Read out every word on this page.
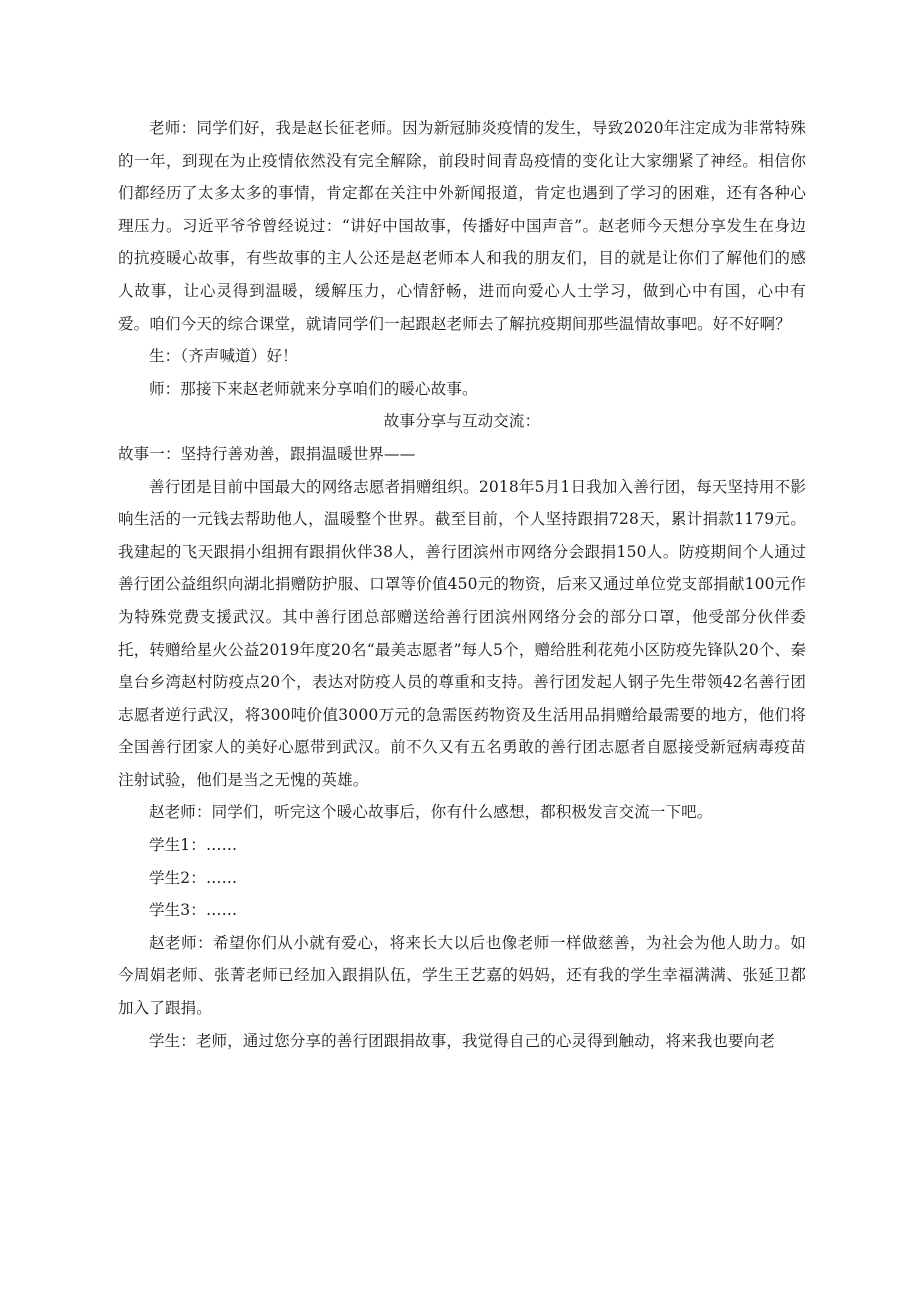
老师：同学们好，我是赵长征老师。因为新冠肺炎疫情的发生，导致2020年注定成为非常特殊的一年，到现在为止疫情依然没有完全解除，前段时间青岛疫情的变化让大家绷紧了神经。相信你们都经历了太多太多的事情，肯定都在关注中外新闻报道，肯定也遇到了学习的困难，还有各种心理压力。习近平爷爷曾经说过：“讲好中国故事，传播好中国声音”。赵老师今天想分享发生在身边的抗疫暖心故事，有些故事的主人公还是赵老师本人和我的朋友们，目的就是让你们了解他们的感人故事，让心灵得到温暖，缓解压力，心情舒畅，进而向爱心人士学习，做到心中有国，心中有爱。咱们今天的综合课堂，就请同学们一起跟赵老师去了解抗疫期间那些温情故事吧。好不好啊？

生：（齐声喊道）好！

师：那接下来赵老师就来分享咱们的暖心故事。

故事分享与互动交流：

故事一：坚持行善劝善，跟捐温暖世界——

善行团是目前中国最大的网络志愿者捐赠组织。2018年5月1日我加入善行团，每天坚持用不影响生活的一元钱去帮助他人，温暖整个世界。截至目前，个人坚持跟捐728天，累计捐款1179元。我建起的飞天跟捐小组拥有跟捐伙伴38人，善行团滨州市网络分会跟捐150人。防疫期间个人通过善行团公益组织向湖北捐赠防护服、口罩等价值450元的物资，后来又通过单位党支部捐献100元作为特殊党费支援武汉。其中善行团总部赠送给善行团滨州网络分会的部分口罩，他受部分伙伴委托，转赠给星火公益2019年度20名“最美志愿者”每人5个，赠给胜利花苑小区防疫先锋队20个、秦皇台乡湾赵村防疫点20个，表达对防疫人员的尊重和支持。善行团发起人钢子先生带领42名善行团志愿者逆行武汉，将300吨价值3000万元的急需医药物资及生活用品捐赠给最需要的地方，他们将全国善行团家人的美好心愿带到武汉。前不久又有五名勇敢的善行团志愿者自愿接受新冠病毒疫苗注射试验，他们是当之无愧的英雄。

赵老师：同学们，听完这个暖心故事后，你有什么感想，都积极发言交流一下吧。

学生1：……

学生2：……

学生3：……

赵老师：希望你们从小就有爱心，将来长大以后也像老师一样做慈善，为社会为他人助力。如今周娟老师、张菁老师已经加入跟捐队伍，学生王艺嘉的妈妈，还有我的学生幸福满满、张延卫都加入了跟捐。

学生：老师，通过您分享的善行团跟捐故事，我觉得自己的心灵得到触动，将来我也要向老
